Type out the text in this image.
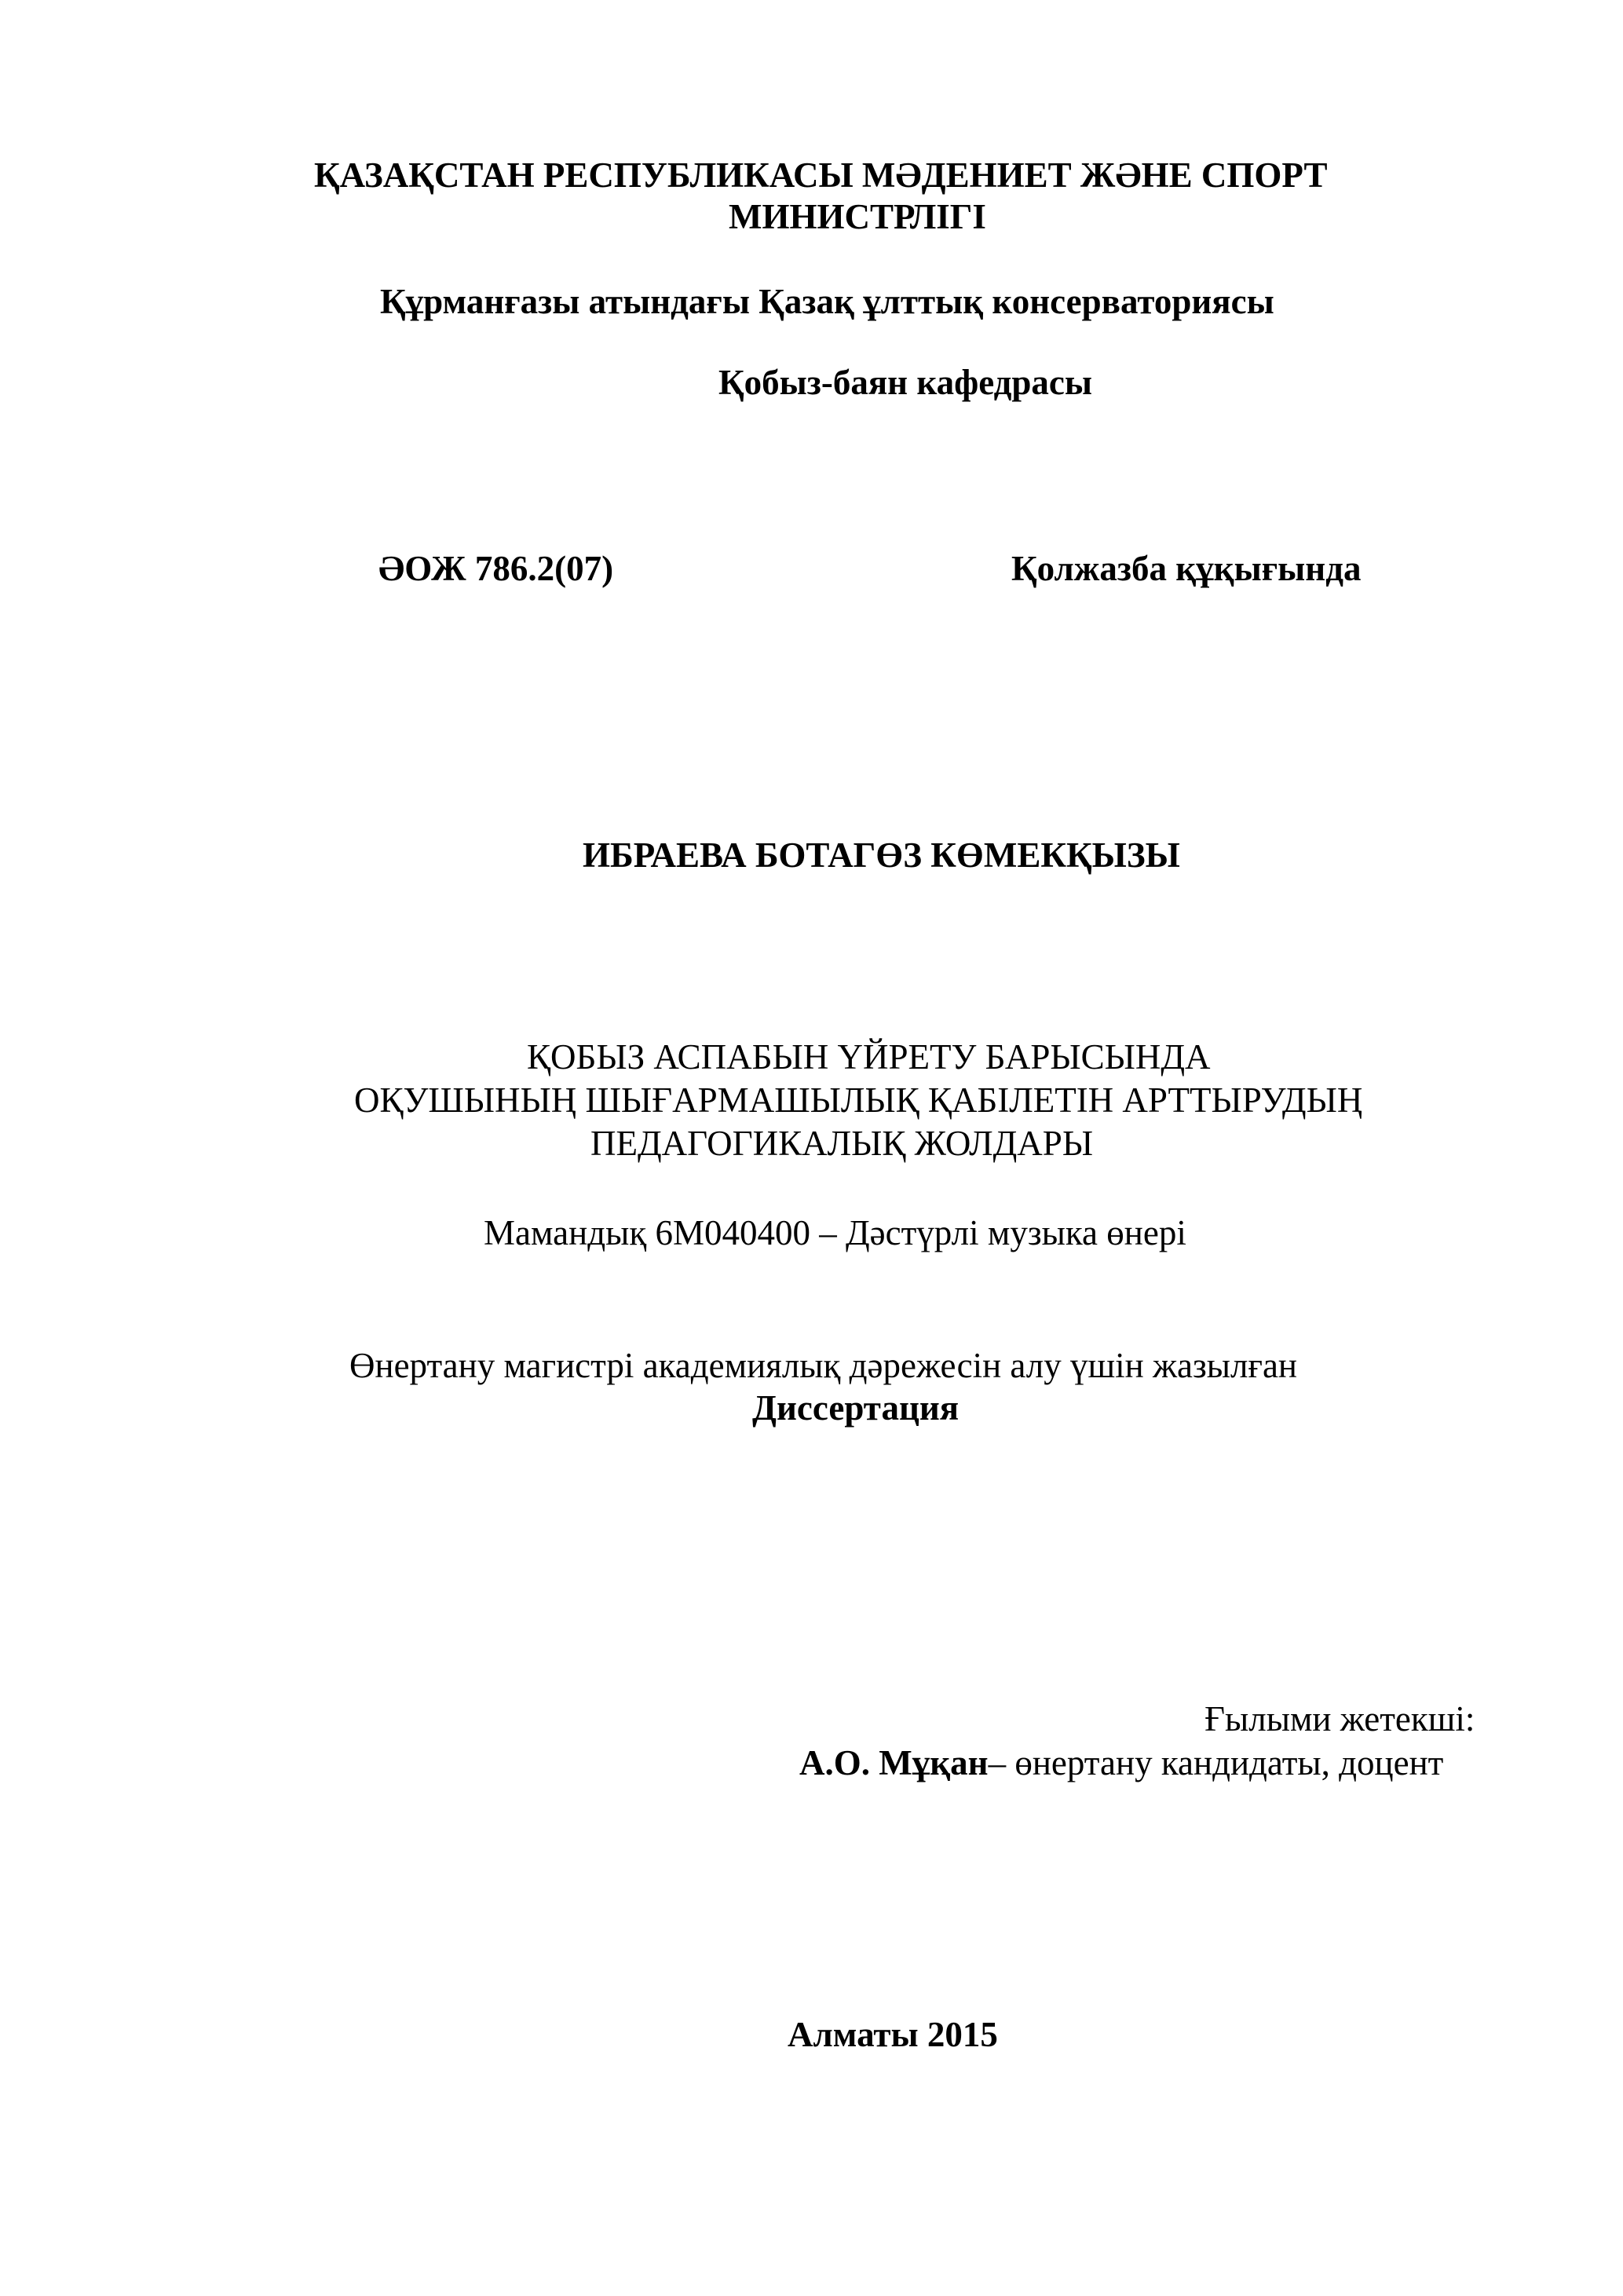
ҚАЗАҚСТАН РЕСПУБЛИКАСЫ МӘДЕНИЕТ ЖӘНЕ СПОРТ
МИНИСТРЛІГІ
Құрманғазы атындағы Қазақ ұлттық консерваториясы
Қобыз-баян кафедрасы
ӘОЖ 786.2(07)	Қолжазба құқығында
ИБРАЕВА БОТАГӨЗ КӨМЕКҚЫЗЫ
ҚОБЫЗ АСПАБЫН ҮЙРЕТУ БАРЫСЫНДА
ОҚУШЫНЫҢ ШЫҒАРМАШЫЛЫҚ ҚАБІЛЕТІН АРТТЫРУДЫҢ
ПЕДАГОГИКАЛЫҚ ЖОЛДАРЫ
Мамандық 6М040400 – Дәстүрлі музыка өнері
Өнертану магистрі академиялық дәрежесін алу үшін жазылған
Диссертация
Ғылыми жетекші:
А.О. Мұқан– өнертану кандидаты, доцент
Алматы 2015
